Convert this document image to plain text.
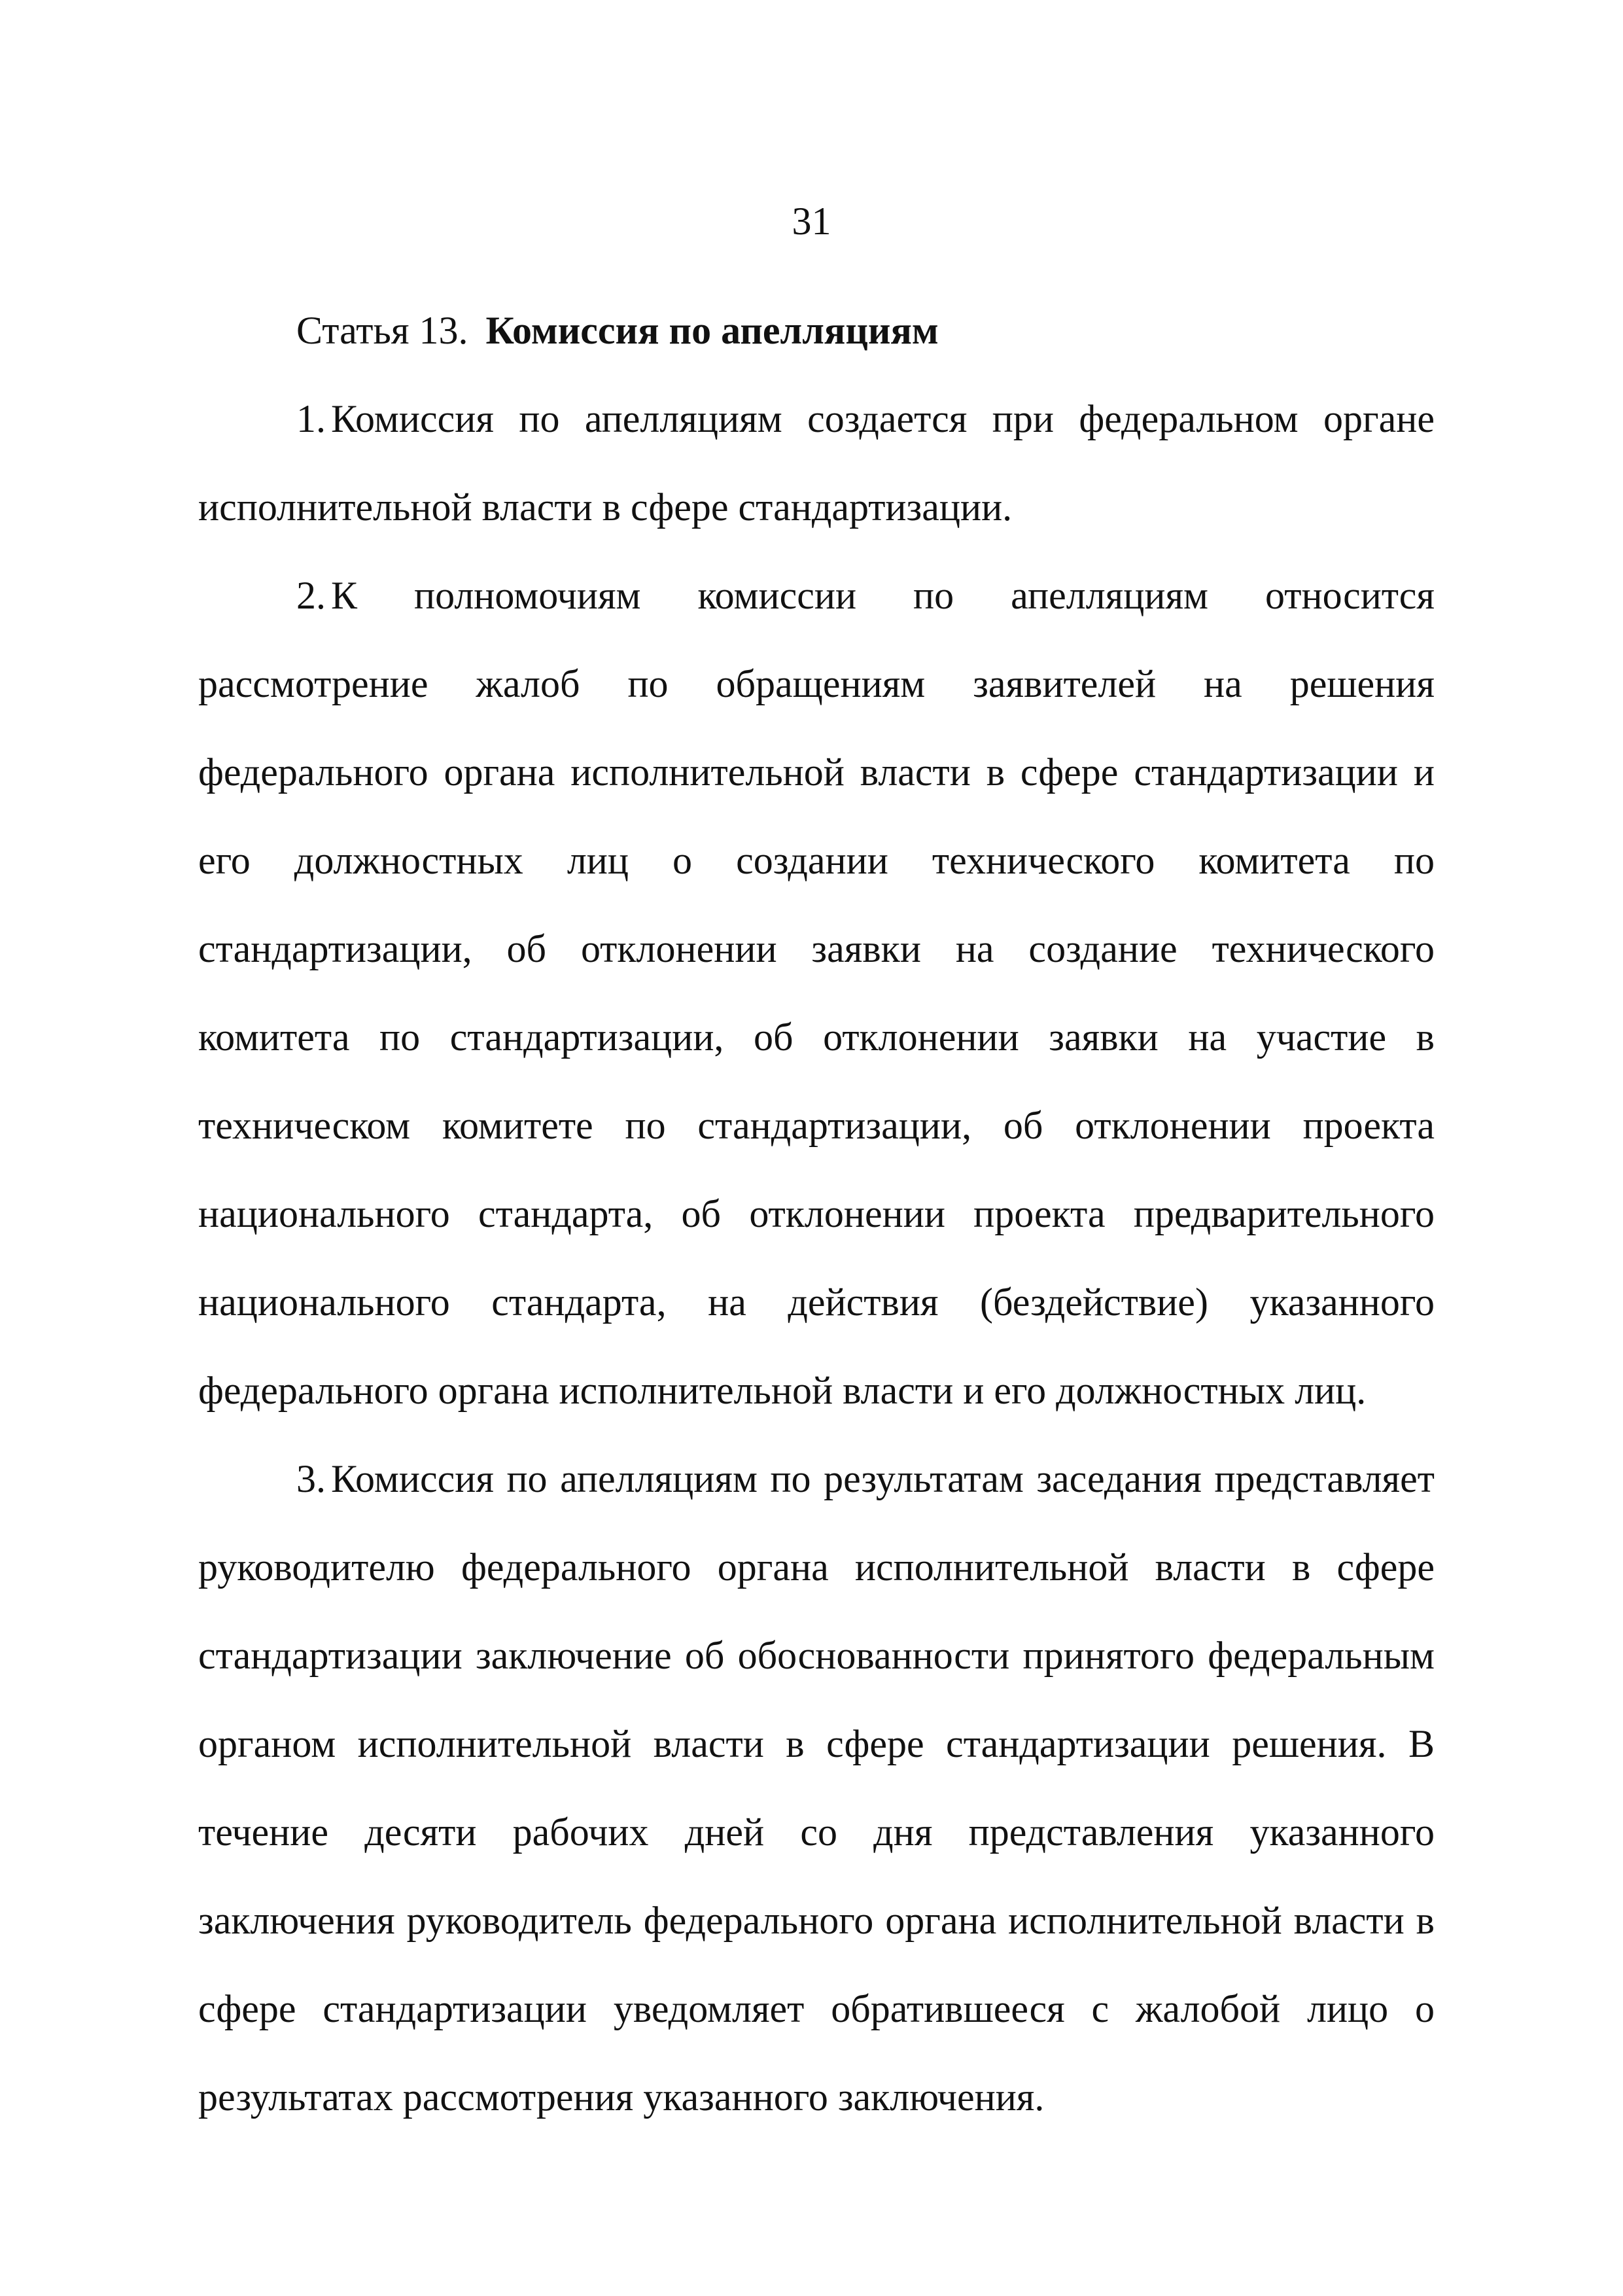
31
Статья 13. Комиссия по апелляциям

1. Комиссия по апелляциям создается при федеральном органе исполнительной власти в сфере стандартизации.

2. К полномочиям комиссии по апелляциям относится рассмотрение жалоб по обращениям заявителей на решения федерального органа исполнительной власти в сфере стандартизации и его должностных лиц о создании технического комитета по стандартизации, об отклонении заявки на создание технического комитета по стандартизации, об отклонении заявки на участие в техническом комитете по стандартизации, об отклонении проекта национального стандарта, об отклонении проекта предварительного национального стандарта, на действия (бездействие) указанного федерального органа исполнительной власти и его должностных лиц.

3. Комиссия по апелляциям по результатам заседания представляет руководителю федерального органа исполнительной власти в сфере стандартизации заключение об обоснованности принятого федеральным органом исполнительной власти в сфере стандартизации решения. В течение десяти рабочих дней со дня представления указанного заключения руководитель федерального органа исполнительной власти в сфере стандартизации уведомляет обратившееся с жалобой лицо о результатах рассмотрения указанного заключения.
